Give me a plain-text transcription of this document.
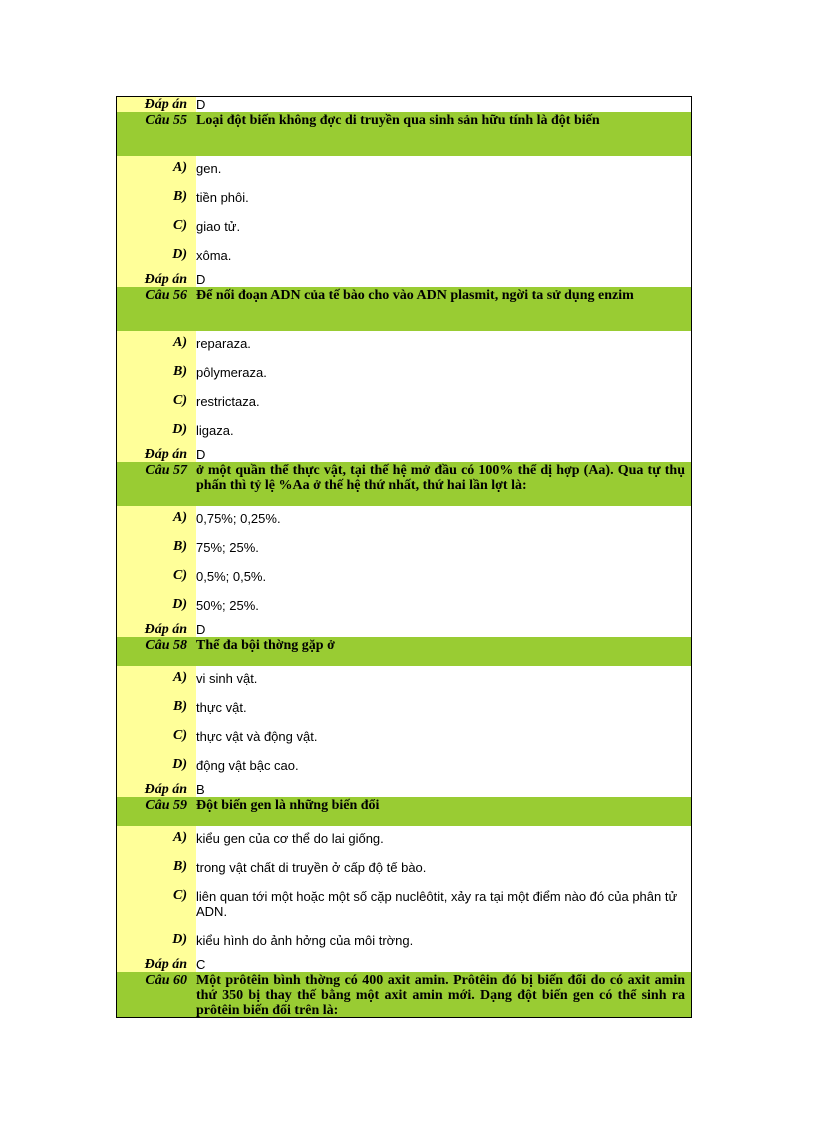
Đáp án D
Câu 55 Loại đột biến không đợc di truyền qua sinh sản hữu tính là đột biến
A) gen.
B) tiền phôi.
C) giao tử.
D) xôma.
Đáp án D
Câu 56 Để nối đoạn ADN của tế bào cho vào ADN plasmit, ngời ta sử dụng enzim
A) reparaza.
B) pôlymeraza.
C) restrictaza.
D) ligaza.
Đáp án D
Câu 57 ở một quần thể thực vật, tại thế hệ mở đầu có 100% thể dị hợp (Aa). Qua tự thụ phấn thì tỷ lệ %Aa ở thế hệ thứ nhất, thứ hai lần lợt là:
A) 0,75%; 0,25%.
B) 75%; 25%.
C) 0,5%; 0,5%.
D) 50%; 25%.
Đáp án D
Câu 58 Thể đa bội thờng gặp ở
A) vi sinh vật.
B) thực vật.
C) thực vật và động vật.
D) động vật bậc cao.
Đáp án B
Câu 59 Đột biến gen là những biến đổi
A) kiểu gen của cơ thể do lai giống.
B) trong vật chất di truyền ở cấp độ tế bào.
C) liên quan tới một hoặc một số cặp nuclêôtit, xảy ra tại một điểm nào đó của phân tử ADN.
D) kiểu hình do ảnh hởng của môi trờng.
Đáp án C
Câu 60 Một prôtêin bình thờng có 400 axit amin. Prôtêin đó bị biến đổi do có axit amin thứ 350 bị thay thế bằng một axit amin mới. Dạng đột biến gen có thể sinh ra prôtêin biến đổi trên là:
